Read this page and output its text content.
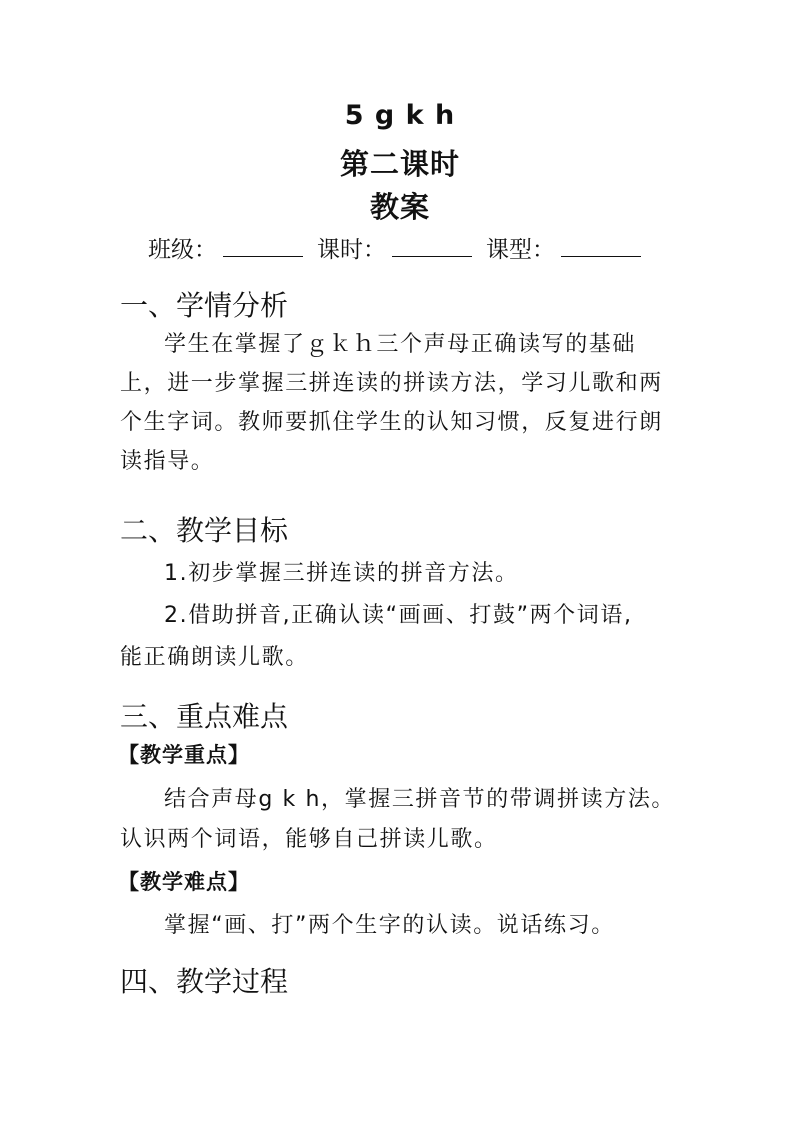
5 g k h
第二课时
教案
班级：	课时：	课型：
一、学情分析
学生在掌握了ｇｋｈ三个声母正确读写的基础上，进一步掌握三拼连读的拼读方法，学习儿歌和两个生字词。教师要抓住学生的认知习惯，反复进行朗读指导。
二、教学目标
1.初步掌握三拼连读的拼音方法。
2.借助拼音,正确认读“画画、打鼓”两个词语,
能正确朗读儿歌。
三、重点难点
【教学重点】
结合声母g k h，掌握三拼音节的带调拼读方法。
认识两个词语，能够自己拼读儿歌。
【教学难点】
掌握“画、打”两个生字的认读。说话练习。
四、教学过程
